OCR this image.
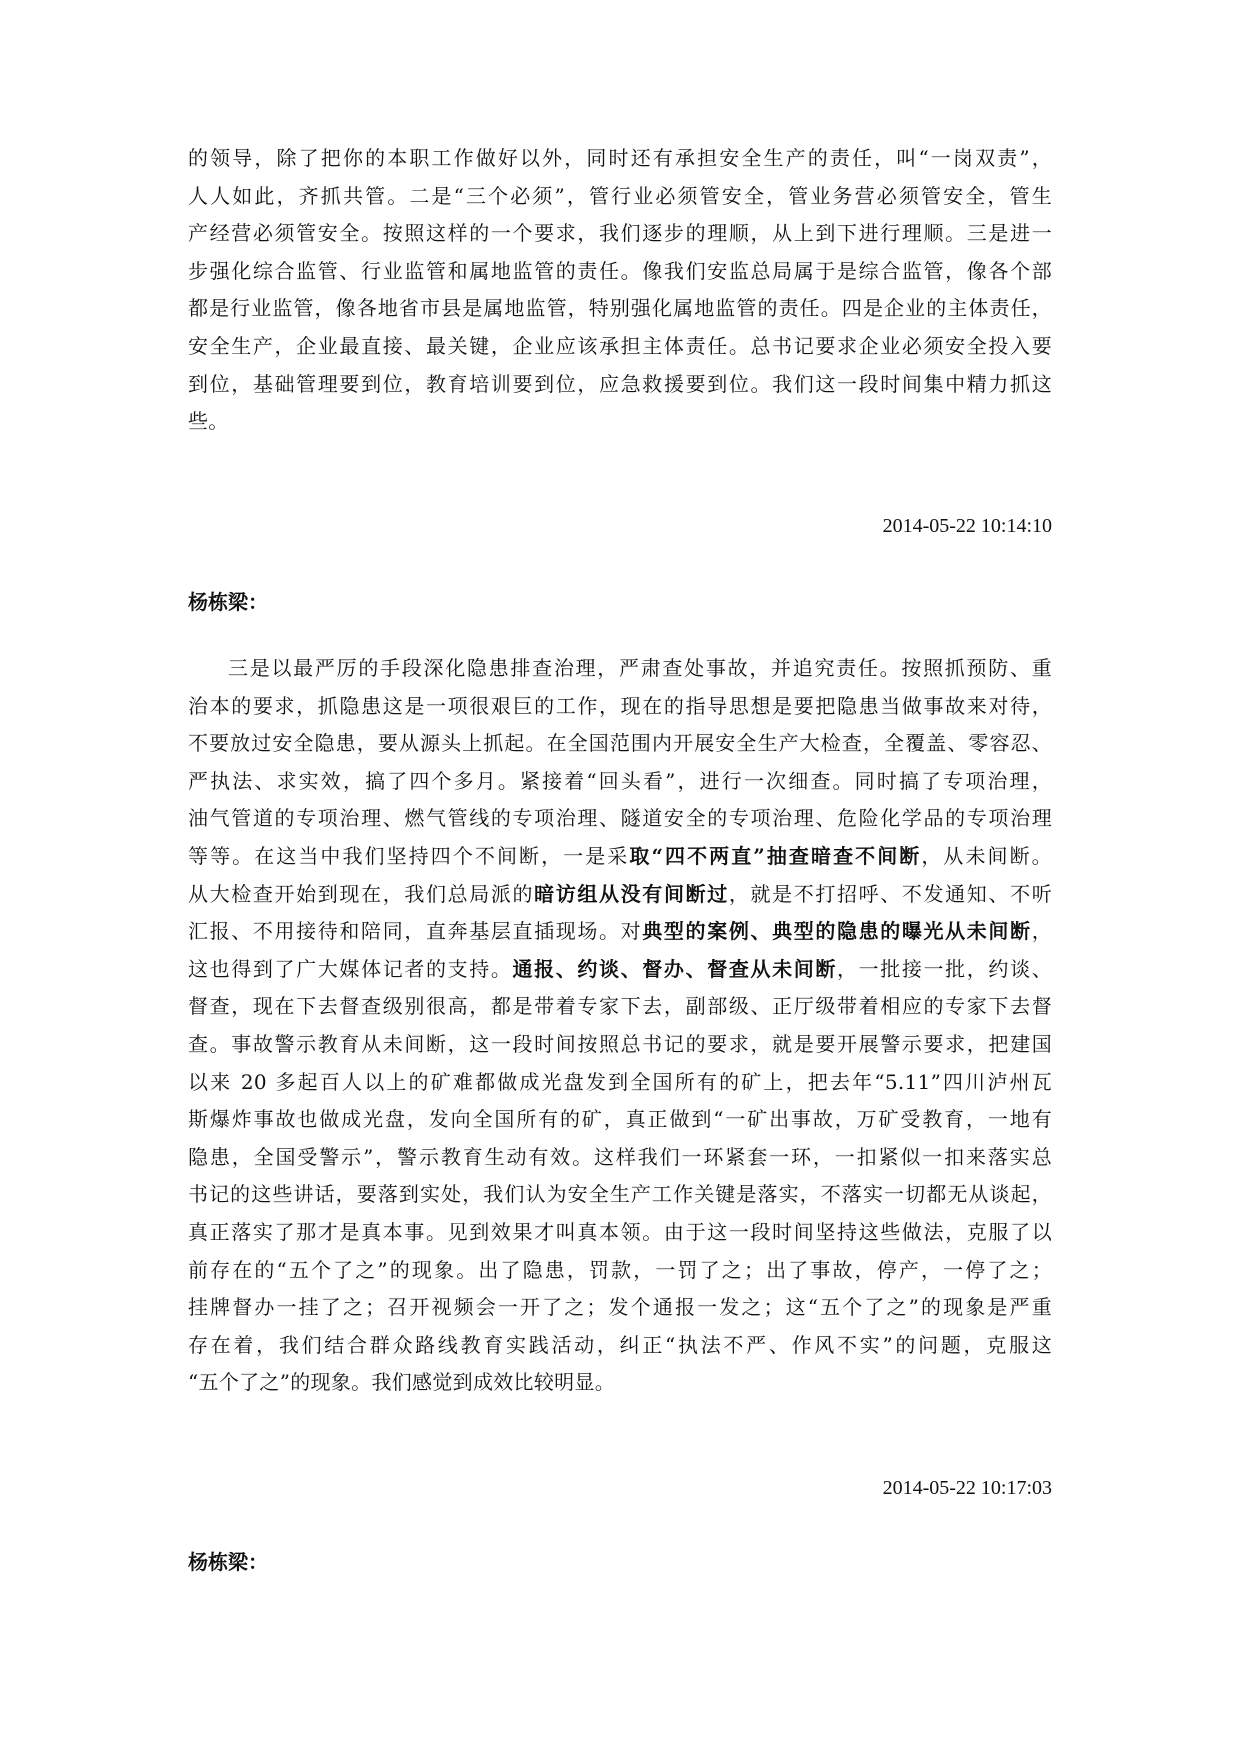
的领导，除了把你的本职工作做好以外，同时还有承担安全生产的责任，叫“一岗双责”，
人人如此，齐抓共管。二是“三个必须”，管行业必须管安全，管业务营必须管安全，管生
产经营必须管安全。按照这样的一个要求，我们逐步的理顺，从上到下进行理顺。三是进一
步强化综合监管、行业监管和属地监管的责任。像我们安监总局属于是综合监管，像各个部
都是行业监管，像各地省市县是属地监管，特别强化属地监管的责任。四是企业的主体责任，
安全生产，企业最直接、最关键，企业应该承担主体责任。总书记要求企业必须安全投入要
到位，基础管理要到位，教育培训要到位，应急救援要到位。我们这一段时间集中精力抓这
些。

2014-05-22 10:14:10

杨栋梁：

三是以最严厉的手段深化隐患排查治理，严肃查处事故，并追究责任。按照抓预防、重
治本的要求，抓隐患这是一项很艰巨的工作，现在的指导思想是要把隐患当做事故来对待，
不要放过安全隐患，要从源头上抓起。在全国范围内开展安全生产大检查，全覆盖、零容忍、
严执法、求实效，搞了四个多月。紧接着“回头看”，进行一次细查。同时搞了专项治理，
油气管道的专项治理、燃气管线的专项治理、隧道安全的专项治理、危险化学品的专项治理
等等。在这当中我们坚持四个不间断，一是采取“四不两直”抽查暗查不间断，从未间断。
从大检查开始到现在，我们总局派的暗访组从没有间断过，就是不打招呼、不发通知、不听
汇报、不用接待和陪同，直奔基层直插现场。对典型的案例、典型的隐患的曝光从未间断，
这也得到了广大媒体记者的支持。通报、约谈、督办、督查从未间断，一批接一批，约谈、
督查，现在下去督查级别很高，都是带着专家下去，副部级、正厅级带着相应的专家下去督
查。事故警示教育从未间断，这一段时间按照总书记的要求，就是要开展警示要求，把建国
以来 20 多起百人以上的矿难都做成光盘发到全国所有的矿上，把去年“5.11”四川泸州瓦
斯爆炸事故也做成光盘，发向全国所有的矿，真正做到“一矿出事故，万矿受教育，一地有
隐患，全国受警示”，警示教育生动有效。这样我们一环紧套一环，一扣紧似一扣来落实总
书记的这些讲话，要落到实处，我们认为安全生产工作关键是落实，不落实一切都无从谈起，
真正落实了那才是真本事。见到效果才叫真本领。由于这一段时间坚持这些做法，克服了以
前存在的“五个了之”的现象。出了隐患，罚款，一罚了之；出了事故，停产，一停了之；
挂牌督办一挂了之；召开视频会一开了之；发个通报一发之；这“五个了之”的现象是严重
存在着，我们结合群众路线教育实践活动，纠正“执法不严、作风不实”的问题，克服这
“五个了之”的现象。我们感觉到成效比较明显。

2014-05-22 10:17:03

杨栋梁：
